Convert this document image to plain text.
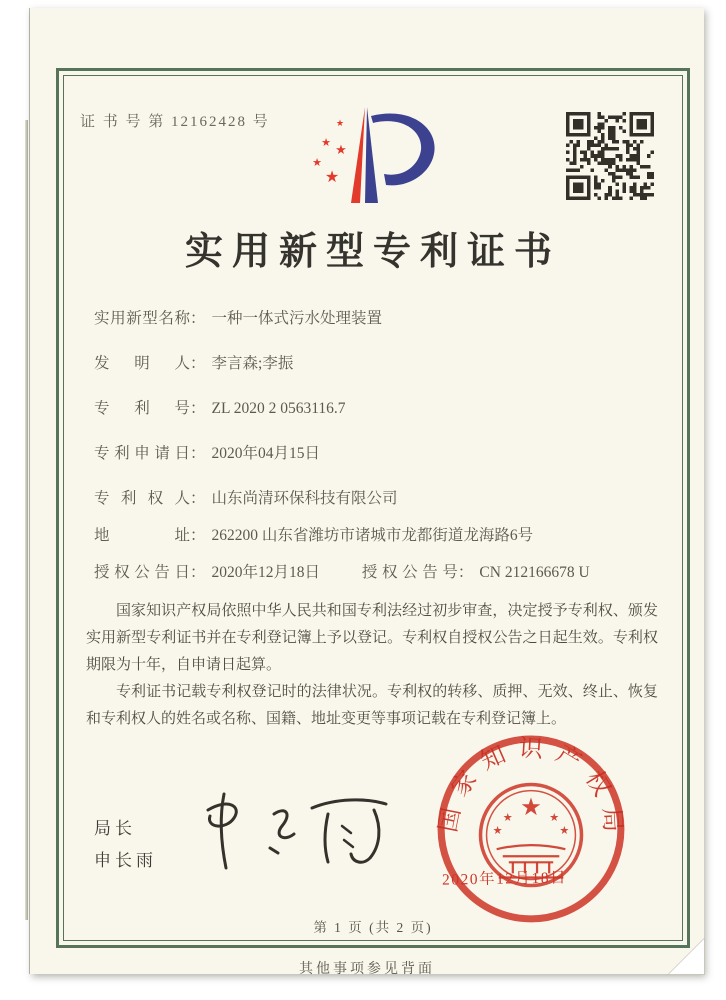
证 书 号 第 12162428 号	★
★
★
★
★
实用新型专利证书
实用新型名称： 一种一体式污水处理装置
发明人： 李言森;李振
专利号： ZL 2020 2 0563116.7
专利申请日： 2020年04月15日
专利权人： 山东尚清环保科技有限公司
地址： 262200 山东省潍坊市诸城市龙都街道龙海路6号
授权公告日： 2020年12月18日	授权公告号： CN 212166678 U

国家知识产权局依照中华人民共和国专利法经过初步审查，决定授予专利权、颁发实用新型专利证书并在专利登记簿上予以登记。专利权自授权公告之日起生效。专利权期限为十年，自申请日起算。

专利证书记载专利权登记时的法律状况。专利权的转移、质押、无效、终止、恢复和专利权人的姓名或名称、国籍、地址变更等事项记载在专利登记簿上。

局长
申长雨
国家知识产权局
★
★
★
★
★
2020年12月18日
第 1 页 (共 2 页)
其他事项参见背面
